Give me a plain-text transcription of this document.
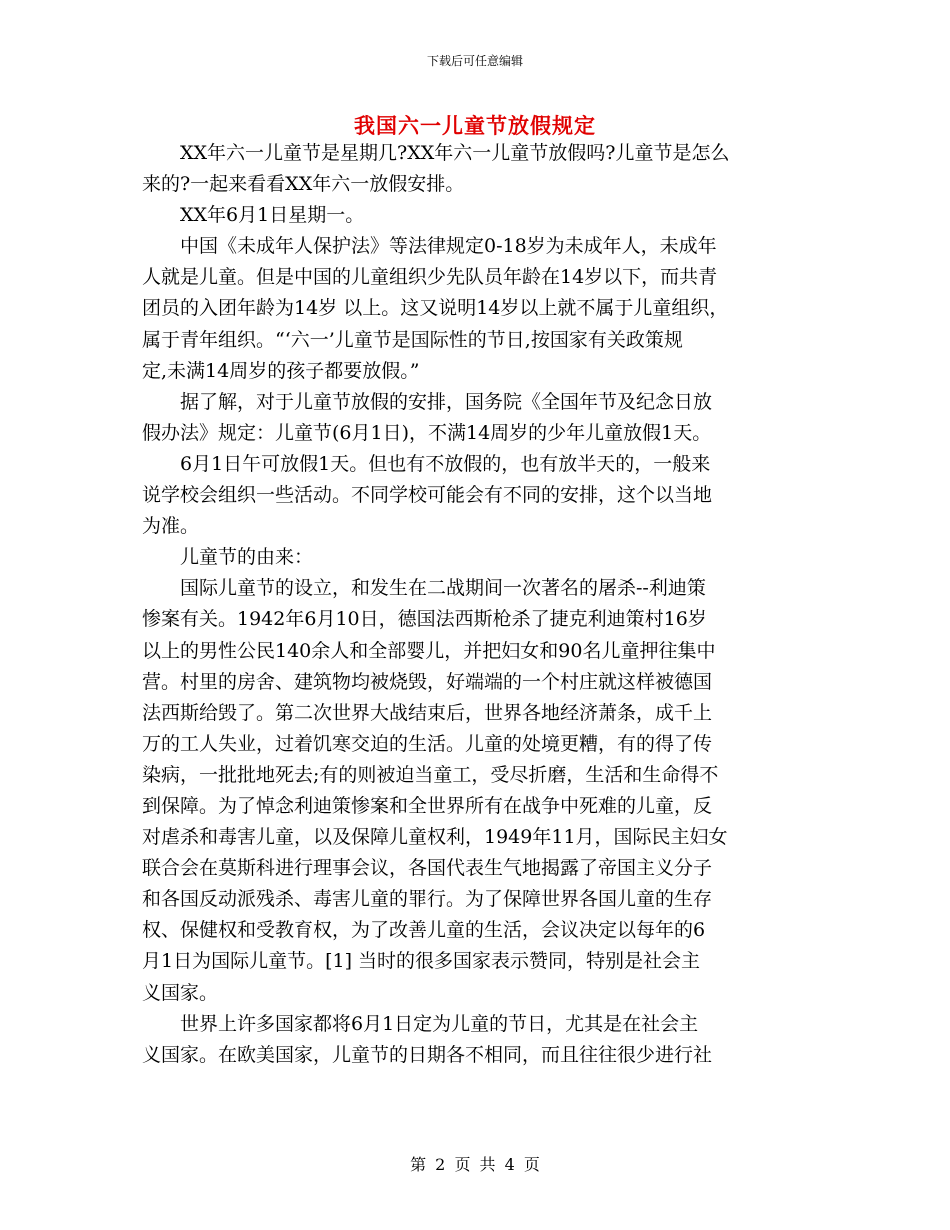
下载后可任意编辑
我国六一儿童节放假规定
XX年六一儿童节是星期几?XX年六一儿童节放假吗?儿童节是怎么
来的?一起来看看XX年六一放假安排。
XX年6月1日星期一。
中国《未成年人保护法》等法律规定0-18岁为未成年人，未成年
人就是儿童。但是中国的儿童组织少先队员年龄在14岁以下，而共青
团员的入团年龄为14岁 以上。这又说明14岁以上就不属于儿童组织，
属于青年组织。“‘六一’儿童节是国际性的节日,按国家有关政策规
定,未满14周岁的孩子都要放假。”
据了解，对于儿童节放假的安排，国务院《全国年节及纪念日放
假办法》规定：儿童节(6月1日)，不满14周岁的少年儿童放假1天。
6月1日午可放假1天。但也有不放假的，也有放半天的，一般来
说学校会组织一些活动。不同学校可能会有不同的安排，这个以当地
为准。
儿童节的由来：
国际儿童节的设立，和发生在二战期间一次著名的屠杀--利迪策
惨案有关。1942年6月10日，德国法西斯枪杀了捷克利迪策村16岁
以上的男性公民140余人和全部婴儿，并把妇女和90名儿童押往集中
营。村里的房舍、建筑物均被烧毁，好端端的一个村庄就这样被德国
法西斯给毁了。第二次世界大战结束后，世界各地经济萧条，成千上
万的工人失业，过着饥寒交迫的生活。儿童的处境更糟，有的得了传
染病，一批批地死去;有的则被迫当童工，受尽折磨，生活和生命得不
到保障。为了悼念利迪策惨案和全世界所有在战争中死难的儿童，反
对虐杀和毒害儿童，以及保障儿童权利，1949年11月，国际民主妇女
联合会在莫斯科进行理事会议，各国代表生气地揭露了帝国主义分子
和各国反动派残杀、毒害儿童的罪行。为了保障世界各国儿童的生存
权、保健权和受教育权，为了改善儿童的生活，会议决定以每年的6
月1日为国际儿童节。[1] 当时的很多国家表示赞同，特别是社会主
义国家。
世界上许多国家都将6月1日定为儿童的节日，尤其是在社会主
义国家。在欧美国家，儿童节的日期各不相同，而且往往很少进行社
第 2 页 共 4 页
